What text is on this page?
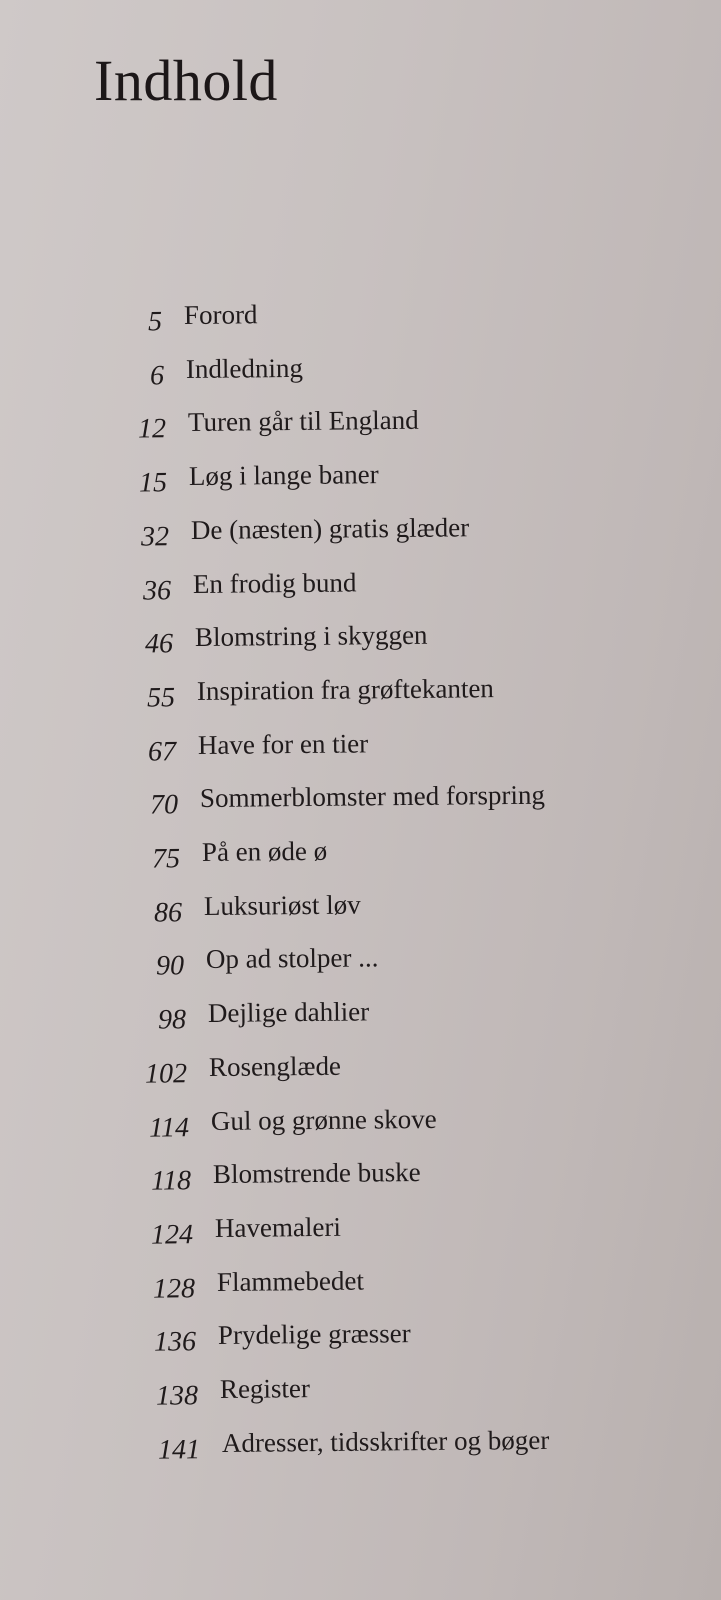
Indhold
5 Forord
6 Indledning
12 Turen går til England
15 Løg i lange baner
32 De (næsten) gratis glæder
36 En frodig bund
46 Blomstring i skyggen
55 Inspiration fra grøftekanten
67 Have for en tier
70 Sommerblomster med forspring
75 På en øde ø
86 Luksuriøst løv
90 Op ad stolper ...
98 Dejlige dahlier
102 Rosenglæde
114 Gul og grønne skove
118 Blomstrende buske
124 Havemaleri
128 Flammebedet
136 Prydelige græsser
138 Register
141 Adresser, tidsskrifter og bøger
